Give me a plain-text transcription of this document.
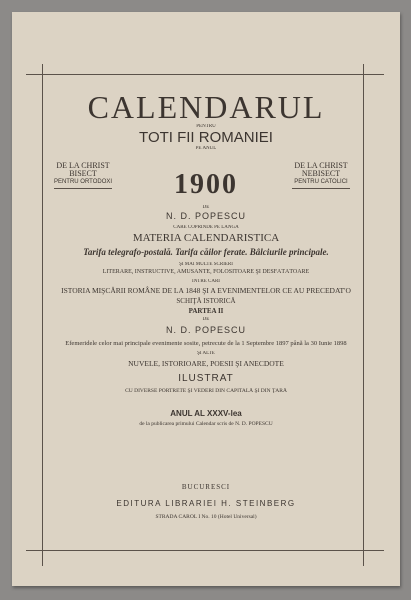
CALENDARUL
PENTRU
TOTI FII ROMANIEI
PE ANUL
DE LA CHRIST
BISECT
PENTRU ORTODOXI
DE LA CHRIST
NEBISECT
PENTRU CATOLICI
1900
DE
N. D. POPESCU
CARE COPRINDE PE LÂNGĂ
MATERIA CALENDARISTICA
Tarifa telegrafo-postală. Tarifa căilor ferate. Bâlciurile principale.
ŞI MAI MULTE SCRIERI
LITERARE, INSTRUCTIVE, AMUSANTE, FOLOSITOARE ŞI DESFĂTĂTOARE
ÎNTRE CARI
ISTORIA MIŞCĂRII ROMÂNE DE LA 1848 ŞI A EVENIMENTELOR CE AU PRECEDAT'O
SCHIŢĂ ISTORICĂ
PARTEA II
DE
N. D. POPESCU
Efemeridele celor mai principale evenimente sosite, petrecute de la 1 Septembre 1897 până la 30 Iunie 1898
ŞI ALTE
NUVELE, ISTORIOARE, POESII ŞI ANECDOTE
ILUSTRAT
CU DIVERSE PORTRETE ŞI VEDERI DIN CAPITALĂ ŞI DIN ŢARĂ
ANUL AL XXXV-lea
de la publicarea primului Calendar scris de N. D. POPESCU
BUCURESCI
EDITURA LIBRARIEI H. STEINBERG
STRADA CAROL I No. 10 (Hotel Universal)
